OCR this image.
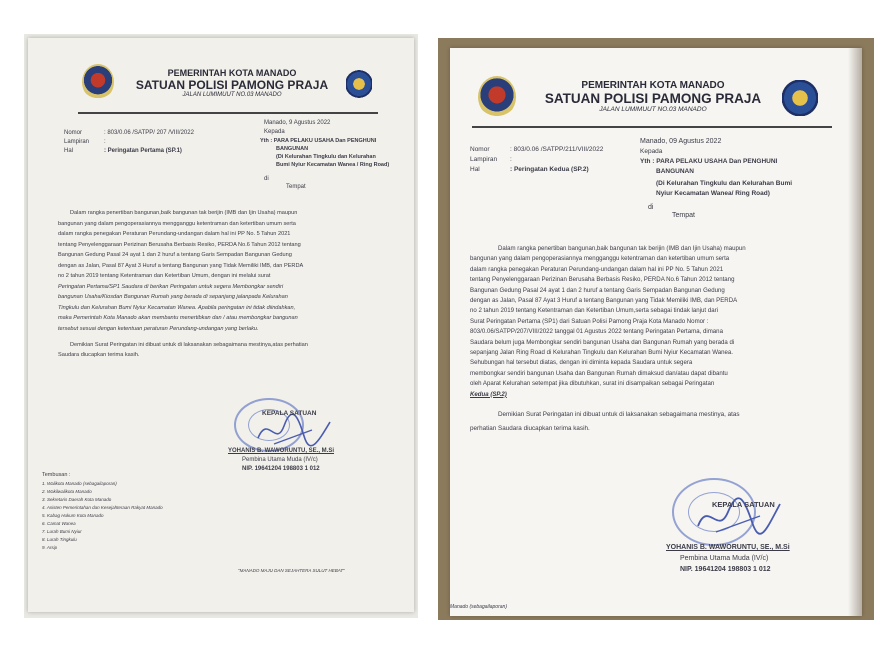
PEMERINTAH KOTA MANADO
SATUAN POLISI PAMONG PRAJA
JALAN LUMIMUUT NO.03 MANADO
Manado, 9 Agustus 2022
Kepada
Nomor	: 803/0.06 /SATPP/ 207 /VIII/2022
Lampiran :
Hal	: Peringatan Pertama (SP.1)
Yth : PARA PELAKU USAHA Dan PENGHUNI
BANGUNAN
(Di Kelurahan Tingkulu dan Kelurahan
Bumi Nyiur Kecamatan Wanea / Ring Road)
di
Tempat
Dalam rangka penertiban bangunan,baik bangunan tak berijin (IMB dan Ijin Usaha) maupun
bangunan yang dalam pengoperasiannya mengganggu ketentraman dan ketertiban umum serta
dalam rangka penegakan Peraturan Perundang-undangan dalam hal ini PP No. 5 Tahun 2021
tentang Penyelenggaraan Perizinan Berusaha Berbasis Resiko, PERDA No.6 Tahun 2012 tentang
Bangunan Gedung Pasal 24 ayat 1 dan 2 huruf a tentang Garis Sempadan Bangunan Gedung
dengan as Jalan, Pasal 87 Ayat 3 Huruf a tentang Bangunan yang Tidak Memiliki IMB, dan PERDA
no 2 tahun 2019 tentang Ketentraman dan Ketertiban Umum, dengan ini melalui surat
Peringatan Pertama/SP1 Saudara di berikan Peringatan untuk segera Membongkar sendiri
bangunan Usaha/Kiosdan Bangunan Rumah yang berada di sepanjang jalanpada Kelurahan
Tingkulu dan Kelurahan Bumi Nyiur Kecamatan Wanea. Apabila peringatan ini tidak diindahkan,
maka Pemerintah Kota Manado akan membantu menertibkan dan / atau membongkar bangunan
tersebut sesuai dengan ketentuan peraturan Perundang-undangan yang berlaku.
Demikian Surat Peringatan ini dibuat untuk di laksanakan sebagaimana mestinya,atas perhatian
Saudara diucapkan terima kasih.
KEPALA SATUAN
YOHANIS B. WAWORUNTU, SE., M.Si
Pembina Utama Muda (IV/c)
NIP. 19641204 198803 1 012
Tembusan :
1. Walikota Manado (sebagailaporan)
2. Wakilwalikota Manado
3. Sekretaris Daerah Kota Manado
4. Asisten Pemerintahan dan Kesejahteraan Rakyat Manado
5. Kabag Hukum Kota Manado
6. Camat Wanea
7. Lurah Bumi Nyiur
8. Lurah Tingkulu
9. Arsip
"MANADO MAJU DAN SEJAHTERA SULUT HEBAT"
PEMERINTAH KOTA MANADO
SATUAN POLISI PAMONG PRAJA
JALAN LUMIMUUT NO.03 MANADO
Manado, 09 Agustus 2022
Kepada
Nomor	: 803/0.06 /SATPP/211/VIII/2022
Lampiran :
Hal	: Peringatan Kedua (SP.2)
Yth : PARA PELAKU USAHA Dan PENGHUNI
BANGUNAN
(Di Kelurahan Tingkulu dan Kelurahan Bumi
Nyiur Kecamatan Wanea/ Ring Road)
di
Tempat
Dalam rangka penertiban bangunan,baik bangunan tak berijin (IMB dan Ijin Usaha) maupun
bangunan yang dalam pengoperasiannya mengganggu ketentraman dan ketertiban umum serta
dalam rangka penegakan Peraturan Perundang-undangan dalam hal ini PP No. 5 Tahun 2021
tentang Penyelenggaraan Perizinan Berusaha Berbasis Resiko, PERDA No.6 Tahun 2012 tentang
Bangunan Gedung Pasal 24 ayat 1 dan 2 huruf a tentang Garis Sempadan Bangunan Gedung
dengan as Jalan, Pasal 87 Ayat 3 Huruf a tentang Bangunan yang Tidak Memiliki IMB, dan PERDA
no 2 tahun 2019 tentang Ketentraman dan Ketertiban Umum,serta sebagai tindak lanjut dari
Surat Peringatan Pertama (SP1) dari Satuan Polisi Pamong Praja Kota Manado Nomor :
803/0.06/SATPP/207/VIII/2022 tanggal 01 Agustus 2022 tentang Peringatan Pertama, dimana
Saudara belum juga Membongkar sendiri bangunan Usaha dan Bangunan Rumah yang berada di
sepanjang Jalan Ring Road di Kelurahan Tingkulu dan Kelurahan Bumi Nyiur Kecamatan Wanea.
Sehubungan hal tersebut diatas, dengan ini diminta kepada Saudara untuk segera
membongkar sendiri bangunan Usaha dan Bangunan Rumah dimaksud dan/atau dapat dibantu
oleh Aparat Kelurahan setempat jika dibutuhkan, surat ini disampaikan sebagai Peringatan
Kedua (SP.2)
Demikian Surat Peringatan ini dibuat untuk di laksanakan sebagaimana mestinya, atas
perhatian Saudara diucapkan terima kasih.
KEPALA SATUAN
YOHANIS B. WAWORUNTU, SE., M.Si
Pembina Utama Muda (IV/c)
NIP. 19641204 198803 1 012
Manado (sebagailaporan)
